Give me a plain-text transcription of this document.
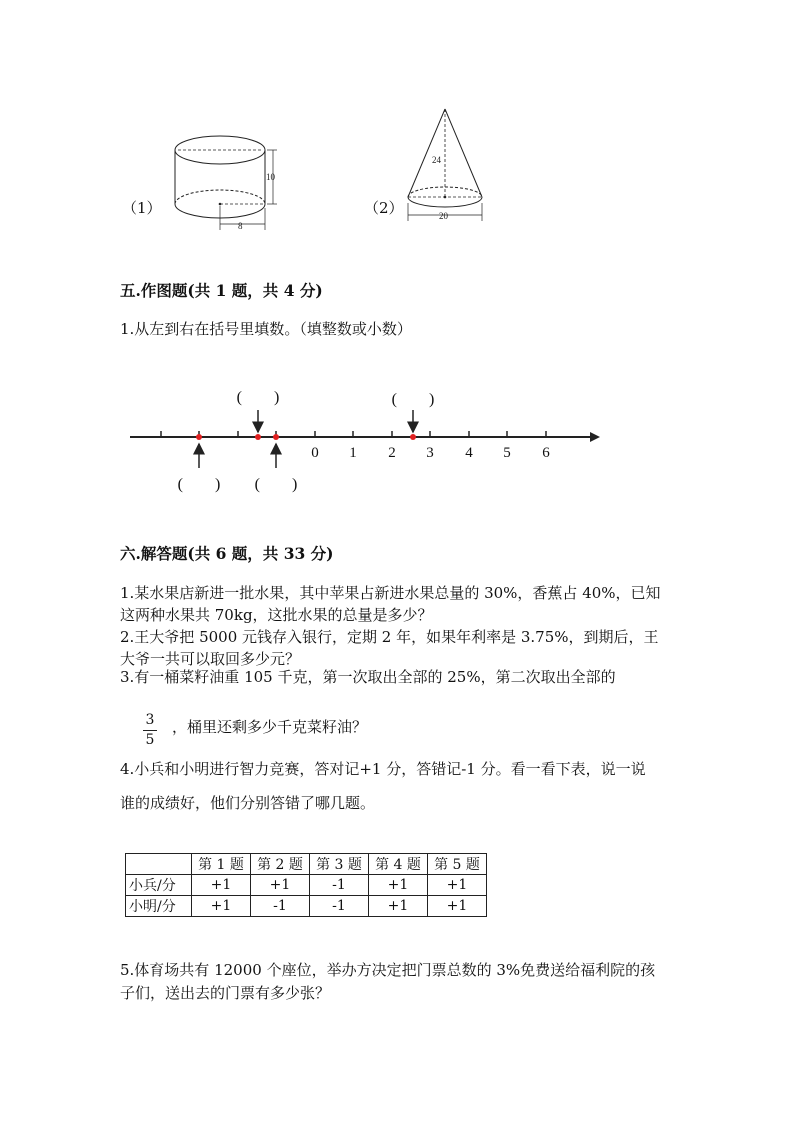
（1）
10
8
（2）
24
20
五.作图题(共 1 题，共 4 分)
1.从左到右在括号里填数。（填整数或小数）
0 1 2 3 4 5 6
(　　)	(　　)
(　　) (　　)
六.解答题(共 6 题，共 33 分)
1.某水果店新进一批水果，其中苹果占新进水果总量的 30%，香蕉占 40%，已知
这两种水果共 70kg，这批水果的总量是多少？
2.王大爷把 5000 元钱存入银行，定期 2 年，如果年利率是 3.75%，到期后，王
大爷一共可以取回多少元？
3.有一桶菜籽油重 105 千克，第一次取出全部的 25%，第二次取出全部的
3
5
，桶里还剩多少千克菜籽油？
4.小兵和小明进行智力竞赛，答对记+1 分，答错记-1 分。看一看下表，说一说
谁的成绩好，他们分别答错了哪几题。
	第 1 题	第 2 题	第 3 题	第 4 题	第 5 题
小兵/分	+1	+1	-1	+1	+1
小明/分	+1	-1	-1	+1	+1
5.体育场共有 12000 个座位，举办方决定把门票总数的 3%免费送给福利院的孩
子们，送出去的门票有多少张？
